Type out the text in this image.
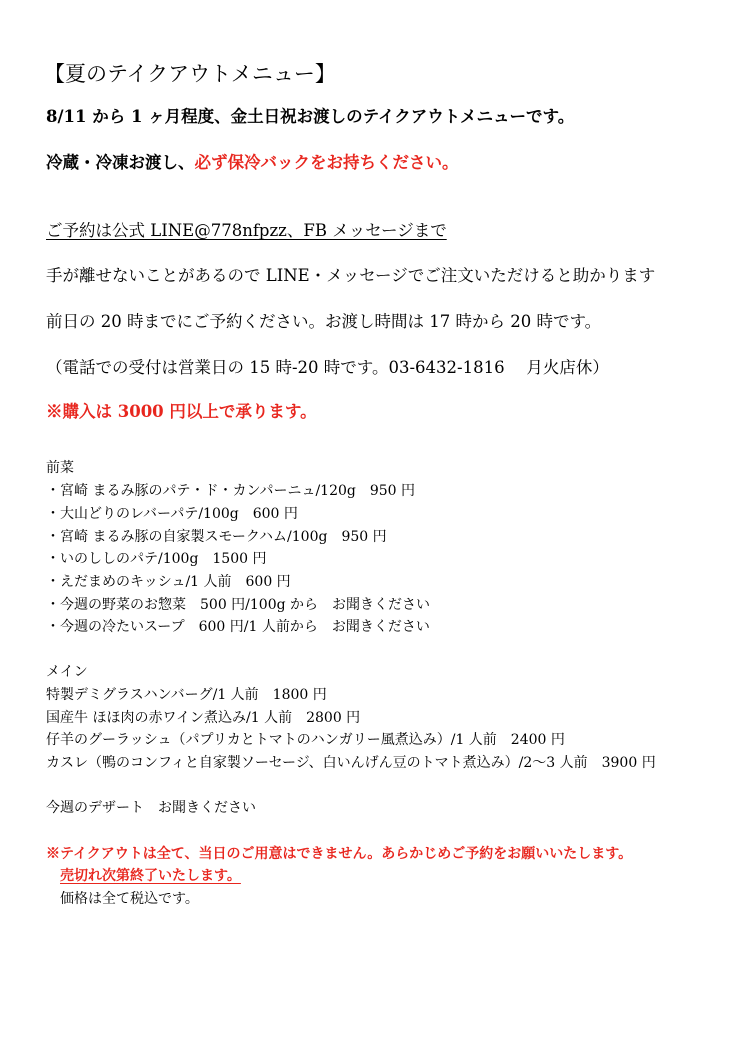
【夏のテイクアウトメニュー】
8/11 から 1 ヶ月程度、金土日祝お渡しのテイクアウトメニューです。
冷蔵・冷凍お渡し、必ず保冷バックをお持ちください。
ご予約は公式 LINE@778nfpzz、FB メッセージまで
手が離せないことがあるので LINE・メッセージでご注文いただけると助かります
前日の 20 時までにご予約ください。お渡し時間は 17 時から 20 時です。
（電話での受付は営業日の 15 時-20 時です。03-6432-1816　 月火店休）
※購入は 3000 円以上で承ります。
前菜
・宮崎 まるみ豚のパテ・ド・カンパーニュ/120g　950 円
・大山どりのレバーパテ/100g　600 円
・宮崎 まるみ豚の自家製スモークハム/100g　950 円
・いのししのパテ/100g　1500 円
・えだまめのキッシュ/1 人前　600 円
・今週の野菜のお惣菜　500 円/100g から　お聞きください
・今週の冷たいスープ　600 円/1 人前から　お聞きください
メイン
特製デミグラスハンバーグ/1 人前　1800 円
国産牛 ほほ肉の赤ワイン煮込み/1 人前　2800 円
仔羊のグーラッシュ（パプリカとトマトのハンガリー風煮込み）/1 人前　2400 円
カスレ（鴨のコンフィと自家製ソーセージ、白いんげん豆のトマト煮込み）/2〜3 人前　3900 円
今週のデザート　お聞きください
※テイクアウトは全て、当日のご用意はできません。あらかじめご予約をお願いいたします。
売切れ次第終了いたします。
価格は全て税込です。
